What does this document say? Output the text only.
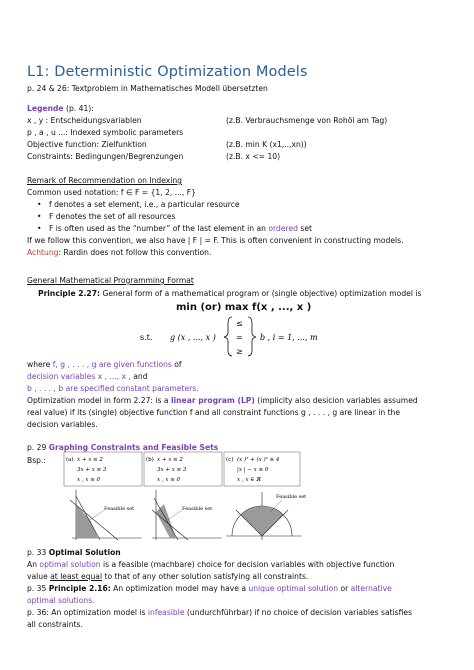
L1: Deterministic Optimization Models
p. 24 & 26: Textproblem in Mathematisches Modell übersetzten
Legende (p. 41):
x , y : Entscheidungsvariablen	(z.B. Verbrauchsmenge von Rohöl am Tag)
p , a , u ...: Indexed symbolic parameters
Objective function: Zielfunktion	(z.B. min K (x1,..,xn))
Constraints: Bedingungen/Begrenzungen	(z.B. x <= 10)
Remark of Recommendation on Indexing
Common used notation: f ∈ F = {1, 2, ..., F}
• f denotes a set element, i.e., a particular resource
• F denotes the set of all resources
• F is often used as the “number” of the last element in an ordered set
If we follow this convention, we also have | F | = F. This is often convenient in constructing models.
Achtung: Rardin does not follow this convention.
General Mathematical Programming Format
Principle 2.27: General form of a mathematical program or (single objective) optimization model is
min (or) max f(x , ..., x )
s.t. g (x , ..., x )
≤
=
≥
b , i = 1, ..., m
where f, g , . . . , g are given functions of
decision variables x , ..., x , and
b , . . . , b are specified constant parameters.
Optimization model in form 2.27: is a linear program (LP) (implicity also desicion variables assumed
real value) if its (single) objective function f and all constraint functions g , . . . , g are linear in the
decision variables.
p. 29 Graphing Constraints and Feasible Sets
Bsp.:	(a) x + x ≤ 2
3x + x ≤ 3
x , x ≥ 0
(b) x + x ≤ 2
3x + x ≤ 3
x , x ≥ 0
(c) (x )² + (x )² ≤ 4
|x | − x ≤ 0
x , x ∈ ℝ
Feasible set	Feasible set
Feasible set
p. 33 Optimal Solution
An optimal solution is a feasible (machbare) choice for decision variables with objective function
value at least equal to that of any other solution satisfying all constraints.
p. 35 Principle 2.16: An optimization model may have a unique optimal solution or alternative
optimal solutions.
p. 36: An optimization model is infeasible (undurchführbar) if no choice of decision variables satisfies
all constraints.
